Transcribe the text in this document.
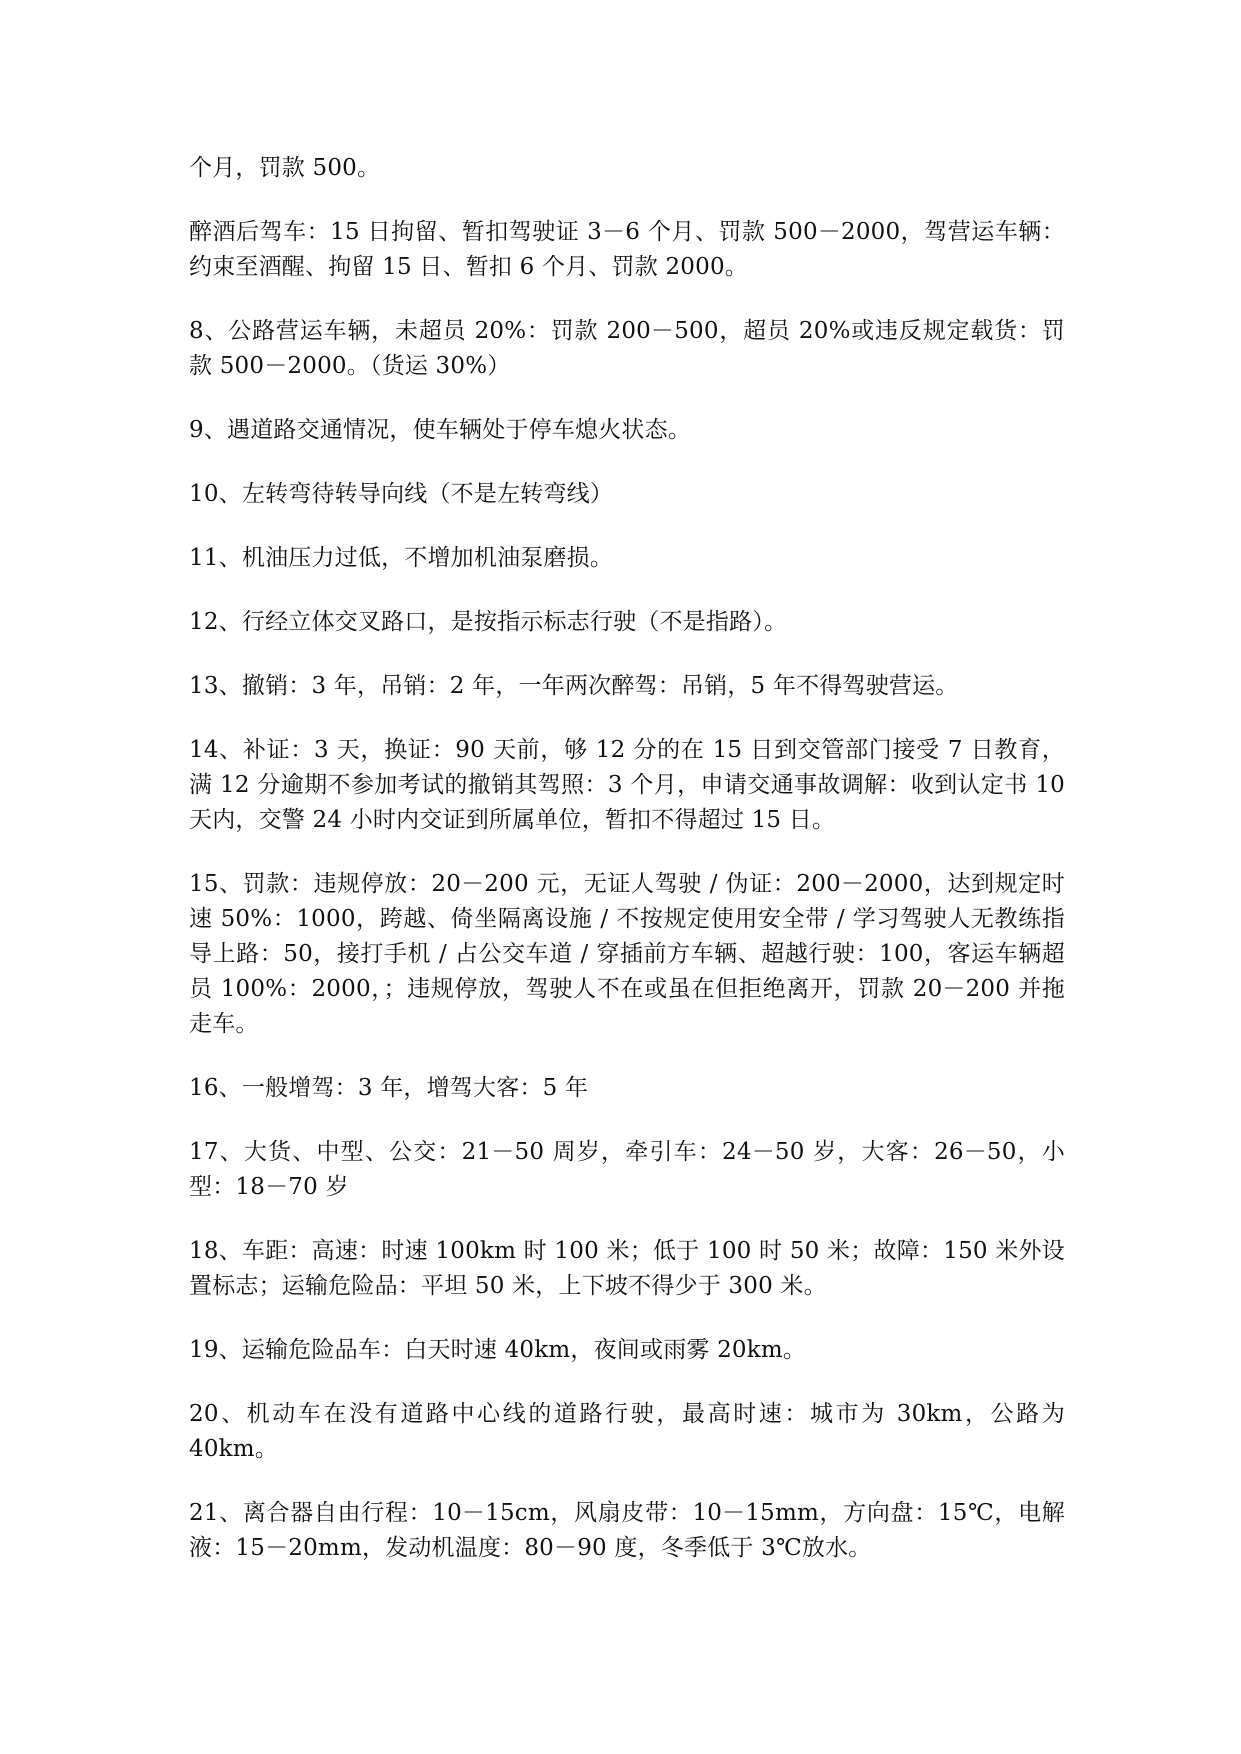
个月，罚款 500。

醉酒后驾车：15 日拘留、暂扣驾驶证 3－6 个月、罚款 500－2000，驾营运车辆：约束至酒醒、拘留 15 日、暂扣 6 个月、罚款 2000。

8、公路营运车辆，未超员 20%：罚款 200－500，超员 20%或违反规定载货：罚款 500－2000。（货运 30%）

9、遇道路交通情况，使车辆处于停车熄火状态。

10、左转弯待转导向线（不是左转弯线）

11、机油压力过低，不增加机油泵磨损。

12、行经立体交叉路口，是按指示标志行驶（不是指路）。

13、撤销：3 年，吊销：2 年，一年两次醉驾：吊销，5 年不得驾驶营运。

14、补证：3 天，换证：90 天前，够 12 分的在 15 日到交管部门接受 7 日教育，满 12 分逾期不参加考试的撤销其驾照：3 个月，申请交通事故调解：收到认定书 10 天内，交警 24 小时内交证到所属单位，暂扣不得超过 15 日。

15、罚款：违规停放：20－200 元，无证人驾驶 / 伪证：200－2000，达到规定时速 50%：1000，跨越、倚坐隔离设施 / 不按规定使用安全带 / 学习驾驶人无教练指导上路：50，接打手机 / 占公交车道 / 穿插前方车辆、超越行驶：100，客运车辆超员 100%：2000，；违规停放，驾驶人不在或虽在但拒绝离开，罚款 20－200 并拖走车。

16、一般增驾：3 年，增驾大客：5 年

17、大货、中型、公交：21－50 周岁，牵引车：24－50 岁，大客：26－50，小型：18－70 岁

18、车距：高速：时速 100km 时 100 米；低于 100 时 50 米；故障：150 米外设置标志；运输危险品：平坦 50 米，上下坡不得少于 300 米。

19、运输危险品车：白天时速 40km，夜间或雨雾 20km。

20、机动车在没有道路中心线的道路行驶，最高时速：城市为 30km，公路为 40km。

21、离合器自由行程：10－15cm，风扇皮带：10－15mm，方向盘：15℃，电解液：15－20mm，发动机温度：80－90 度，冬季低于 3℃放水。
